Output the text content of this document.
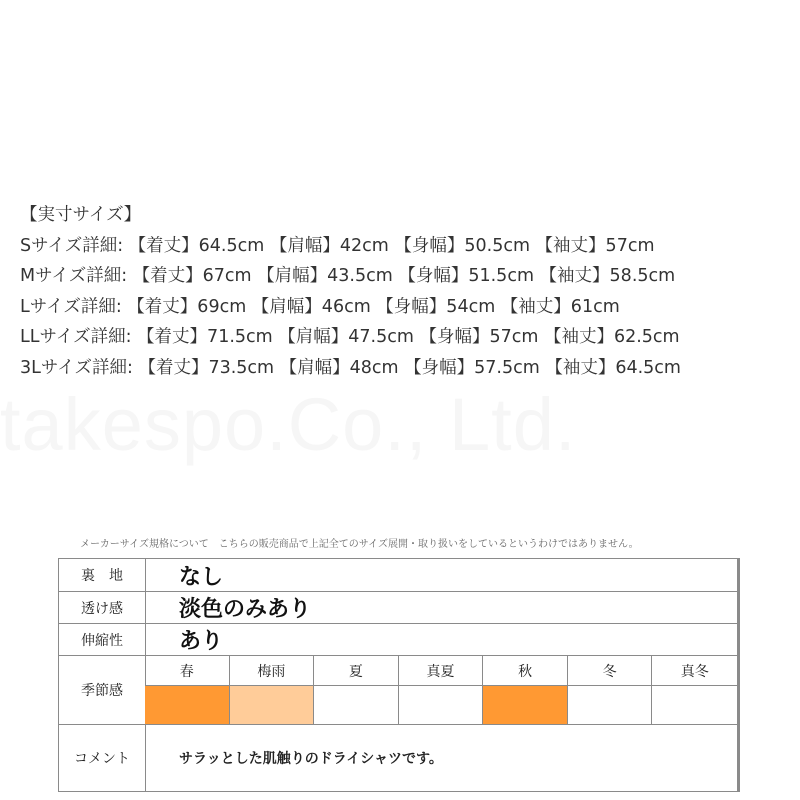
takespo.Co., Ltd.
【実寸サイズ】
Sサイズ詳細: 【着丈】64.5cm 【肩幅】42cm 【身幅】50.5cm 【袖丈】57cm
Mサイズ詳細: 【着丈】67cm 【肩幅】43.5cm 【身幅】51.5cm 【袖丈】58.5cm
Lサイズ詳細: 【着丈】69cm 【肩幅】46cm 【身幅】54cm 【袖丈】61cm
LLサイズ詳細: 【着丈】71.5cm 【肩幅】47.5cm 【身幅】57cm 【袖丈】62.5cm
3Lサイズ詳細: 【着丈】73.5cm 【肩幅】48cm 【身幅】57.5cm 【袖丈】64.5cm
メーカーサイズ規格について　こちらの販売商品で上記全てのサイズ展開・取り扱いをしているというわけではありません。
裏　地	なし
透け感	淡色のみあり
伸縮性	あり
季節感
春	梅雨	夏	真夏	秋	冬	真冬
コメント	サラッとした肌触りのドライシャツです。
